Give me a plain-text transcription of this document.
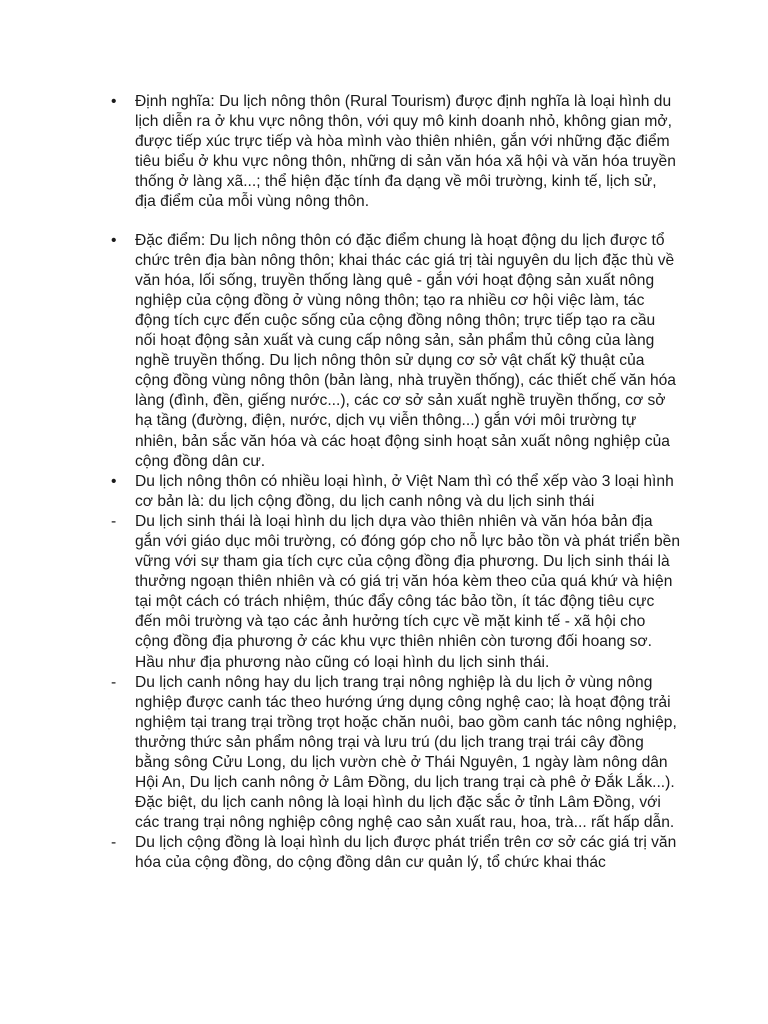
•	Định nghĩa: Du lịch nông thôn (Rural Tourism) được định nghĩa là loại hình du lịch diễn ra ở khu vực nông thôn, với quy mô kinh doanh nhỏ, không gian mở, được tiếp xúc trực tiếp và hòa mình vào thiên nhiên, gắn với những đặc điểm tiêu biểu ở khu vực nông thôn, những di sản văn hóa xã hội và văn hóa truyền thống ở làng xã...; thể hiện đặc tính đa dạng về môi trường, kinh tế, lịch sử, địa điểm của mỗi vùng nông thôn.
•	Đặc điểm: Du lịch nông thôn có đặc điểm chung là hoạt động du lịch được tổ chức trên địa bàn nông thôn; khai thác các giá trị tài nguyên du lịch đặc thù về văn hóa, lối sống, truyền thống làng quê - gắn với hoạt động sản xuất nông nghiệp của cộng đồng ở vùng nông thôn; tạo ra nhiều cơ hội việc làm, tác động tích cực đến cuộc sống của cộng đồng nông thôn; trực tiếp tạo ra cầu nối hoạt động sản xuất và cung cấp nông sản, sản phẩm thủ công của làng nghề truyền thống. Du lịch nông thôn sử dụng cơ sở vật chất kỹ thuật của cộng đồng vùng nông thôn (bản làng, nhà truyền thống), các thiết chế văn hóa làng (đình, đền, giếng nước...), các cơ sở sản xuất nghề truyền thống, cơ sở hạ tầng (đường, điện, nước, dịch vụ viễn thông...) gắn với môi trường tự nhiên, bản sắc văn hóa và các hoạt động sinh hoạt sản xuất nông nghiệp của cộng đồng dân cư.
•	Du lịch nông thôn có nhiều loại hình, ở Việt Nam thì có thể xếp vào 3 loại hình cơ bản là: du lịch cộng đồng, du lịch canh nông và du lịch sinh thái
-	Du lịch sinh thái là loại hình du lịch dựa vào thiên nhiên và văn hóa bản địa gắn với giáo dục môi trường, có đóng góp cho nỗ lực bảo tồn và phát triển bền vững với sự tham gia tích cực của cộng đồng địa phương. Du lịch sinh thái là thưởng ngoạn thiên nhiên và có giá trị văn hóa kèm theo của quá khứ và hiện tại một cách có trách nhiệm, thúc đẩy công tác bảo tồn, ít tác động tiêu cực đến môi trường và tạo các ảnh hưởng tích cực về mặt kinh tế - xã hội cho cộng đồng địa phương ở các khu vực thiên nhiên còn tương đối hoang sơ. Hầu như địa phương nào cũng có loại hình du lịch sinh thái.
-	Du lịch canh nông hay du lịch trang trại nông nghiệp là du lịch ở vùng nông nghiệp được canh tác theo hướng ứng dụng công nghệ cao; là hoạt động trải nghiệm tại trang trại trồng trọt hoặc chăn nuôi, bao gồm canh tác nông nghiệp, thưởng thức sản phẩm nông trại và lưu trú (du lịch trang trại trái cây đồng bằng sông Cửu Long, du lịch vườn chè ở Thái Nguyên, 1 ngày làm nông dân Hội An, Du lịch canh nông ở Lâm Đồng, du lịch trang trại cà phê ở Đắk Lắk...). Đặc biệt, du lịch canh nông là loại hình du lịch đặc sắc ở tỉnh Lâm Đồng, với các trang trại nông nghiệp công nghệ cao sản xuất rau, hoa, trà... rất hấp dẫn.
-	Du lịch cộng đồng là loại hình du lịch được phát triển trên cơ sở các giá trị văn hóa của cộng đồng, do cộng đồng dân cư quản lý, tổ chức khai thác
